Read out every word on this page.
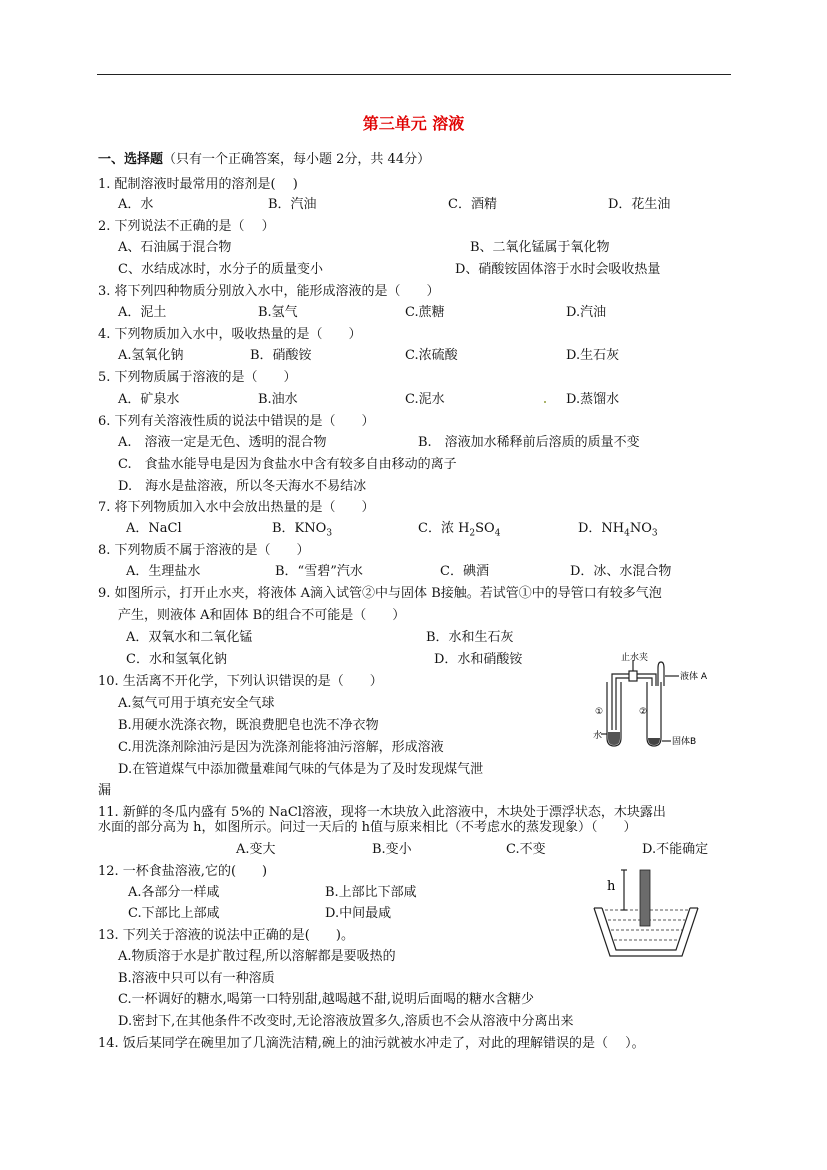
第三单元 溶液
一、选择题（只有一个正确答案，每小题 2分，共 44分）
1. 配制溶液时最常用的溶剂是(　 )
A．水	B．汽油	C．酒精	D．花生油
2. 下列说法不正确的是（　 ）
A、石油属于混合物	B、二氧化锰属于氧化物
C、水结成冰时，水分子的质量变小	D、硝酸铵固体溶于水时会吸收热量
3. 将下列四种物质分别放入水中，能形成溶液的是（　　）
A．泥土	B.氢气	C.蔗糖	D.汽油
4. 下列物质加入水中，吸收热量的是（　　）
A.氢氧化钠	B．硝酸铵	C.浓硫酸	D.生石灰
5. 下列物质属于溶液的是（　　）
A．矿泉水	B.油水	C.泥水	D.蒸馏水
6. 下列有关溶液性质的说法中错误的是（　　）
A.　溶液一定是无色、透明的混合物	B.　溶液加水稀释前后溶质的质量不变
C.　食盐水能导电是因为食盐水中含有较多自由移动的离子
D.　海水是盐溶液，所以冬天海水不易结冰
7. 将下列物质加入水中会放出热量的是（　　）
A．NaCl	B．$KNO_3$	C．浓 $H_2SO_4$	D．$NH_4NO_3$
8. 下列物质不属于溶液的是（　　）
A．生理盐水	B．“雪碧”汽水	C．碘酒	D．冰、水混合物
9. 如图所示，打开止水夹，将液体 A滴入试管②中与固体 B接触。若试管①中的导管口有较多气泡
产生，则液体 A和固体 B的组合不可能是（　　）
A．双氧水和二氧化锰	B．水和生石灰
C．水和氢氧化钠	D．水和硝酸铵
10. 生活离不开化学，下列认识错误的是（　　）
A.氦气可用于填充安全气球
B.用硬水洗涤衣物，既浪费肥皂也洗不净衣物
C.用洗涤剂除油污是因为洗涤剂能将油污溶解，形成溶液
D.在管道煤气中添加微量难闻气味的气体是为了及时发现煤气泄
漏
止水夹
液体 A
①	②
水
固体B
11. 新鲜的冬瓜内盛有 5%的 NaCl溶液，现将一木块放入此溶液中，木块处于漂浮状态，木块露出
水面的部分高为 h，如图所示。问过一天后的 h值与原来相比（不考虑水的蒸发现象）（　　）
A.变大	B.变小	C.不变	D.不能确定
12. 一杯食盐溶液,它的(　　)
A.各部分一样咸	B.上部比下部咸
C.下部比上部咸	D.中间最咸
h
13. 下列关于溶液的说法中正确的是(　　)。
A.物质溶于水是扩散过程,所以溶解都是要吸热的
B.溶液中只可以有一种溶质
C.一杯调好的糖水,喝第一口特别甜,越喝越不甜,说明后面喝的糖水含糖少
D.密封下,在其他条件不改变时,无论溶液放置多久,溶质也不会从溶液中分离出来
14. 饭后某同学在碗里加了几滴洗洁精,碗上的油污就被水冲走了，对此的理解错误的是（　 ）。
